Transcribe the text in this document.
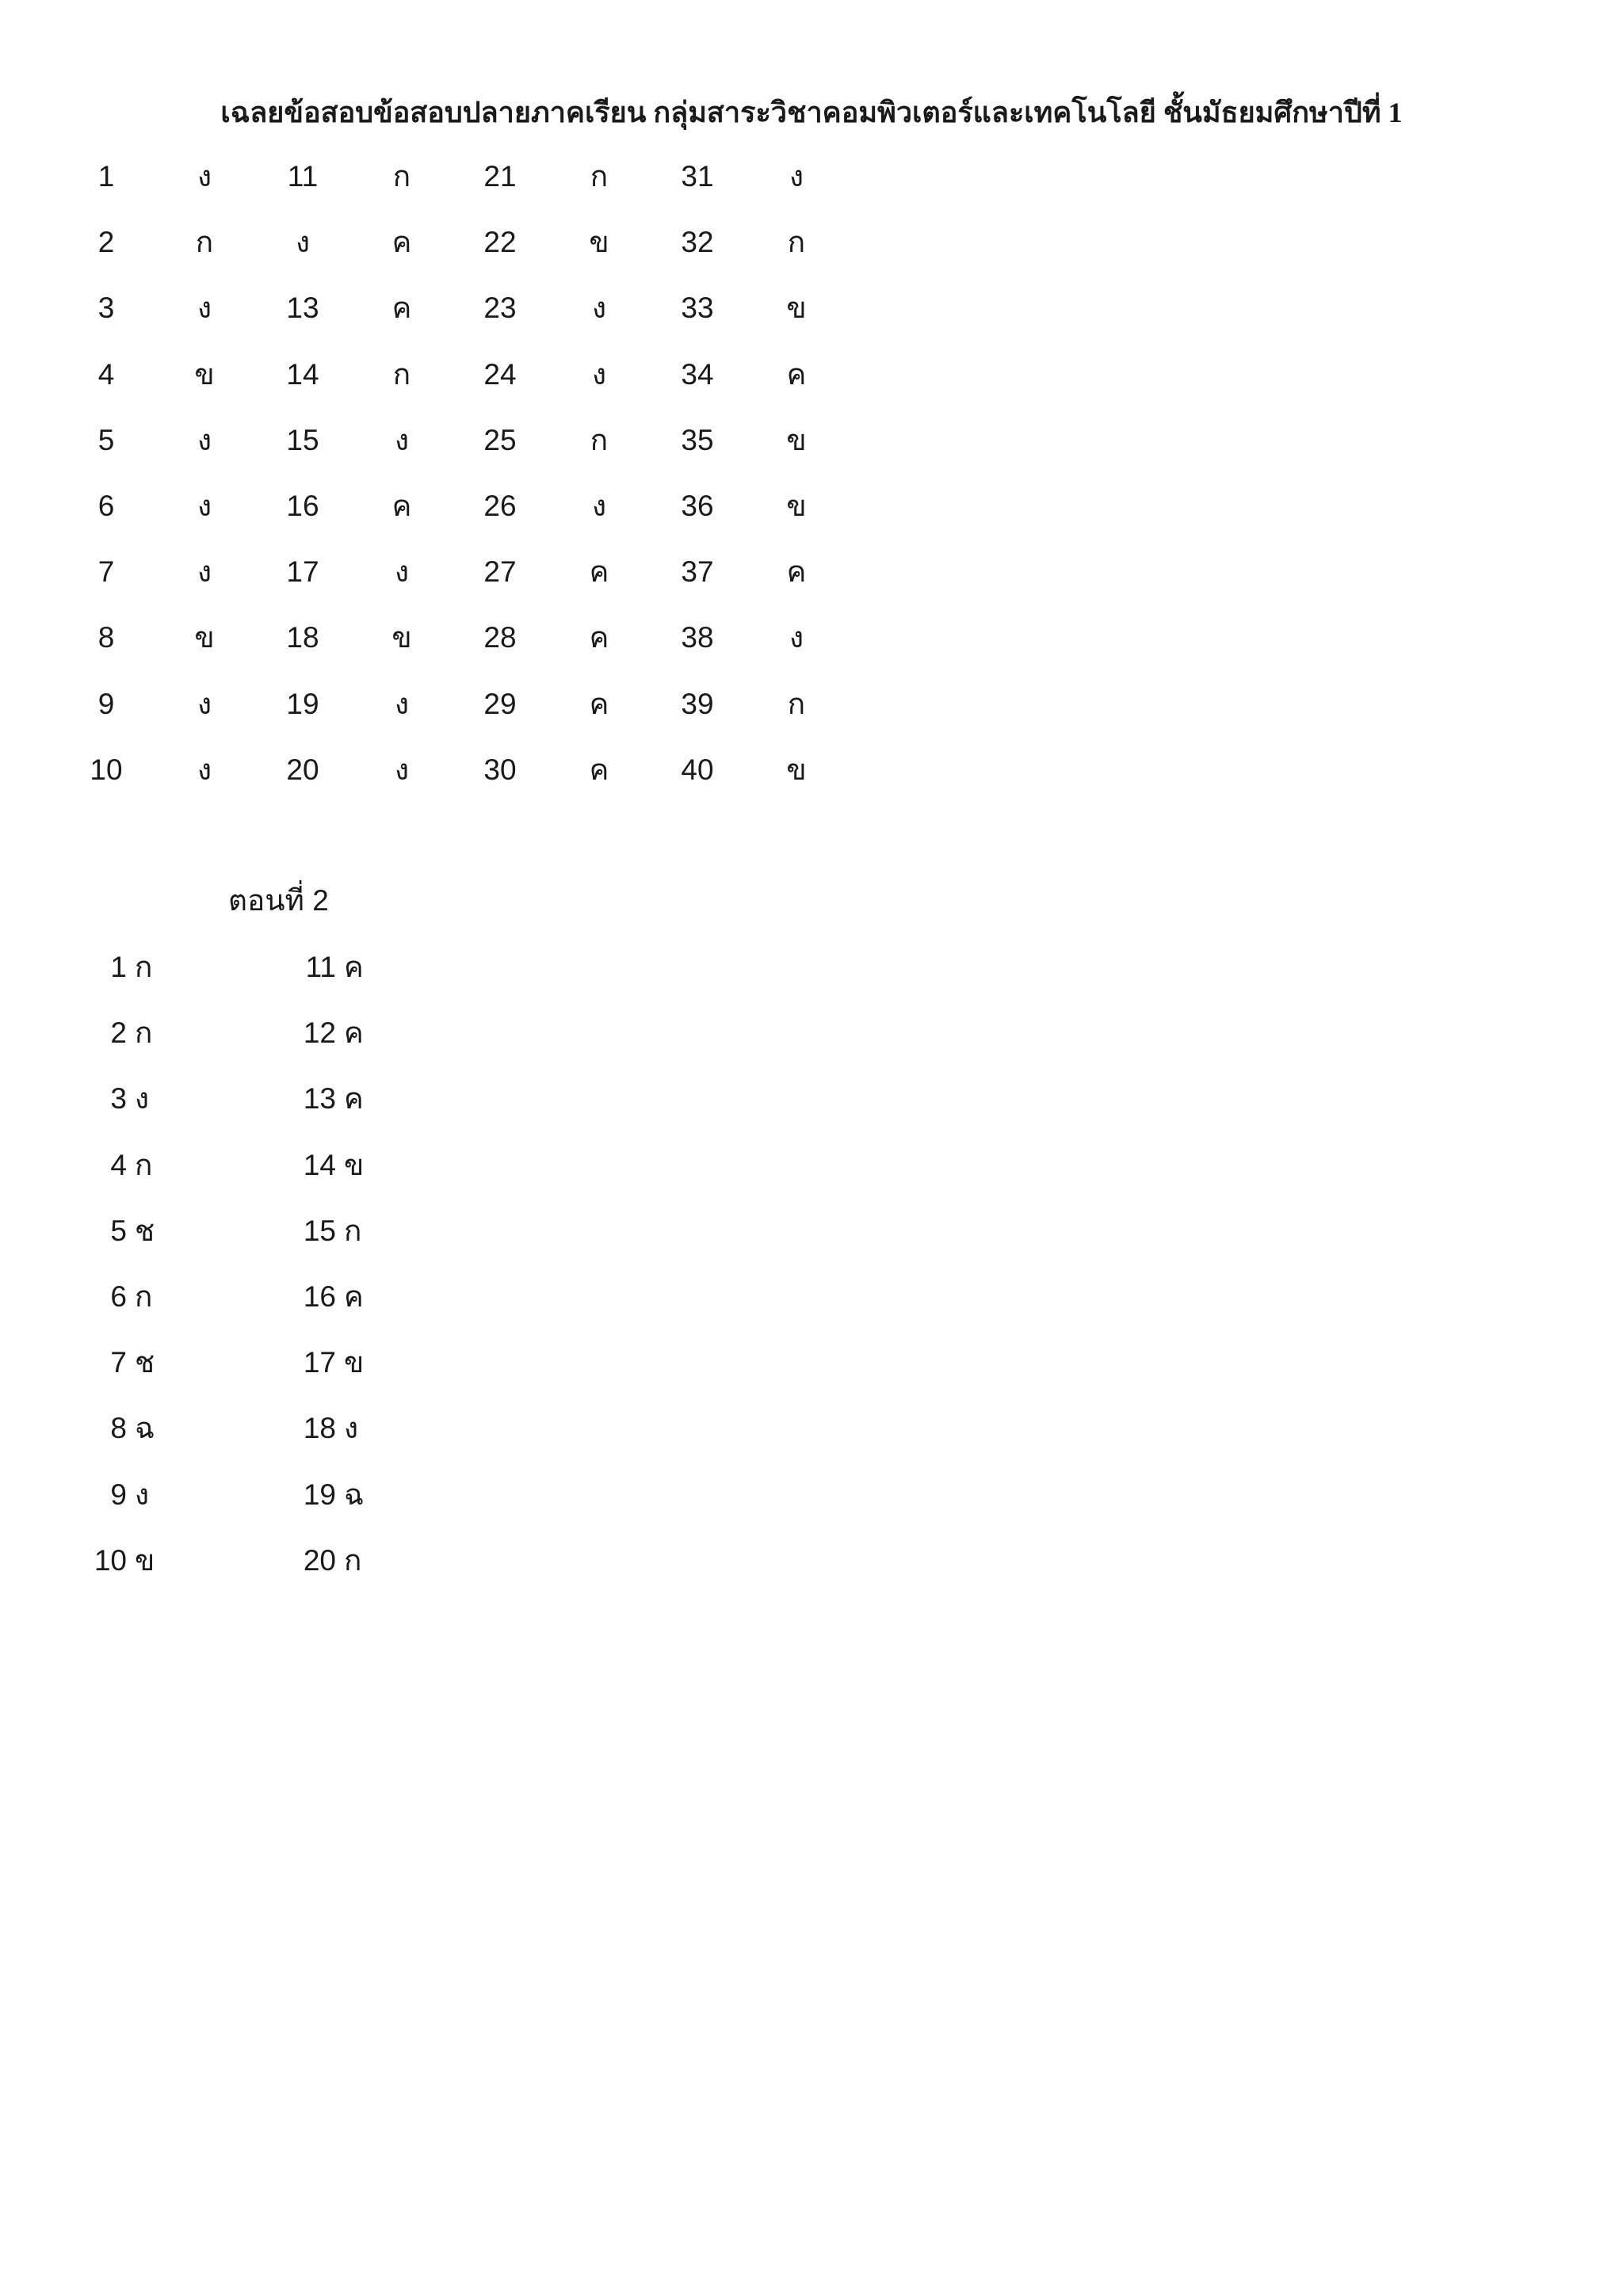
เฉลยข้อสอบข้อสอบปลายภาคเรียน กลุ่มสาระวิชาคอมพิวเตอร์และเทคโนโลยี ชั้นมัธยมศึกษาปีที่ 1
1	ง	11	ก	21	ก	31	ง
2	ก	ง	ค	22	ข	32	ก
3	ง	13	ค	23	ง	33	ข
4	ข	14	ก	24	ง	34	ค
5	ง	15	ง	25	ก	35	ข
6	ง	16	ค	26	ง	36	ข
7	ง	17	ง	27	ค	37	ค
8	ข	18	ข	28	ค	38	ง
9	ง	19	ง	29	ค	39	ก
10	ง	20	ง	30	ค	40	ข
ตอนที่ 2
1 ก	11 ค
2 ก	12 ค
3 ง	13 ค
4 ก	14 ข
5 ช	15 ก
6 ก	16 ค
7 ช	17 ข
8 ฉ	18 ง
9 ง	19 ฉ
10 ข	20 ก
